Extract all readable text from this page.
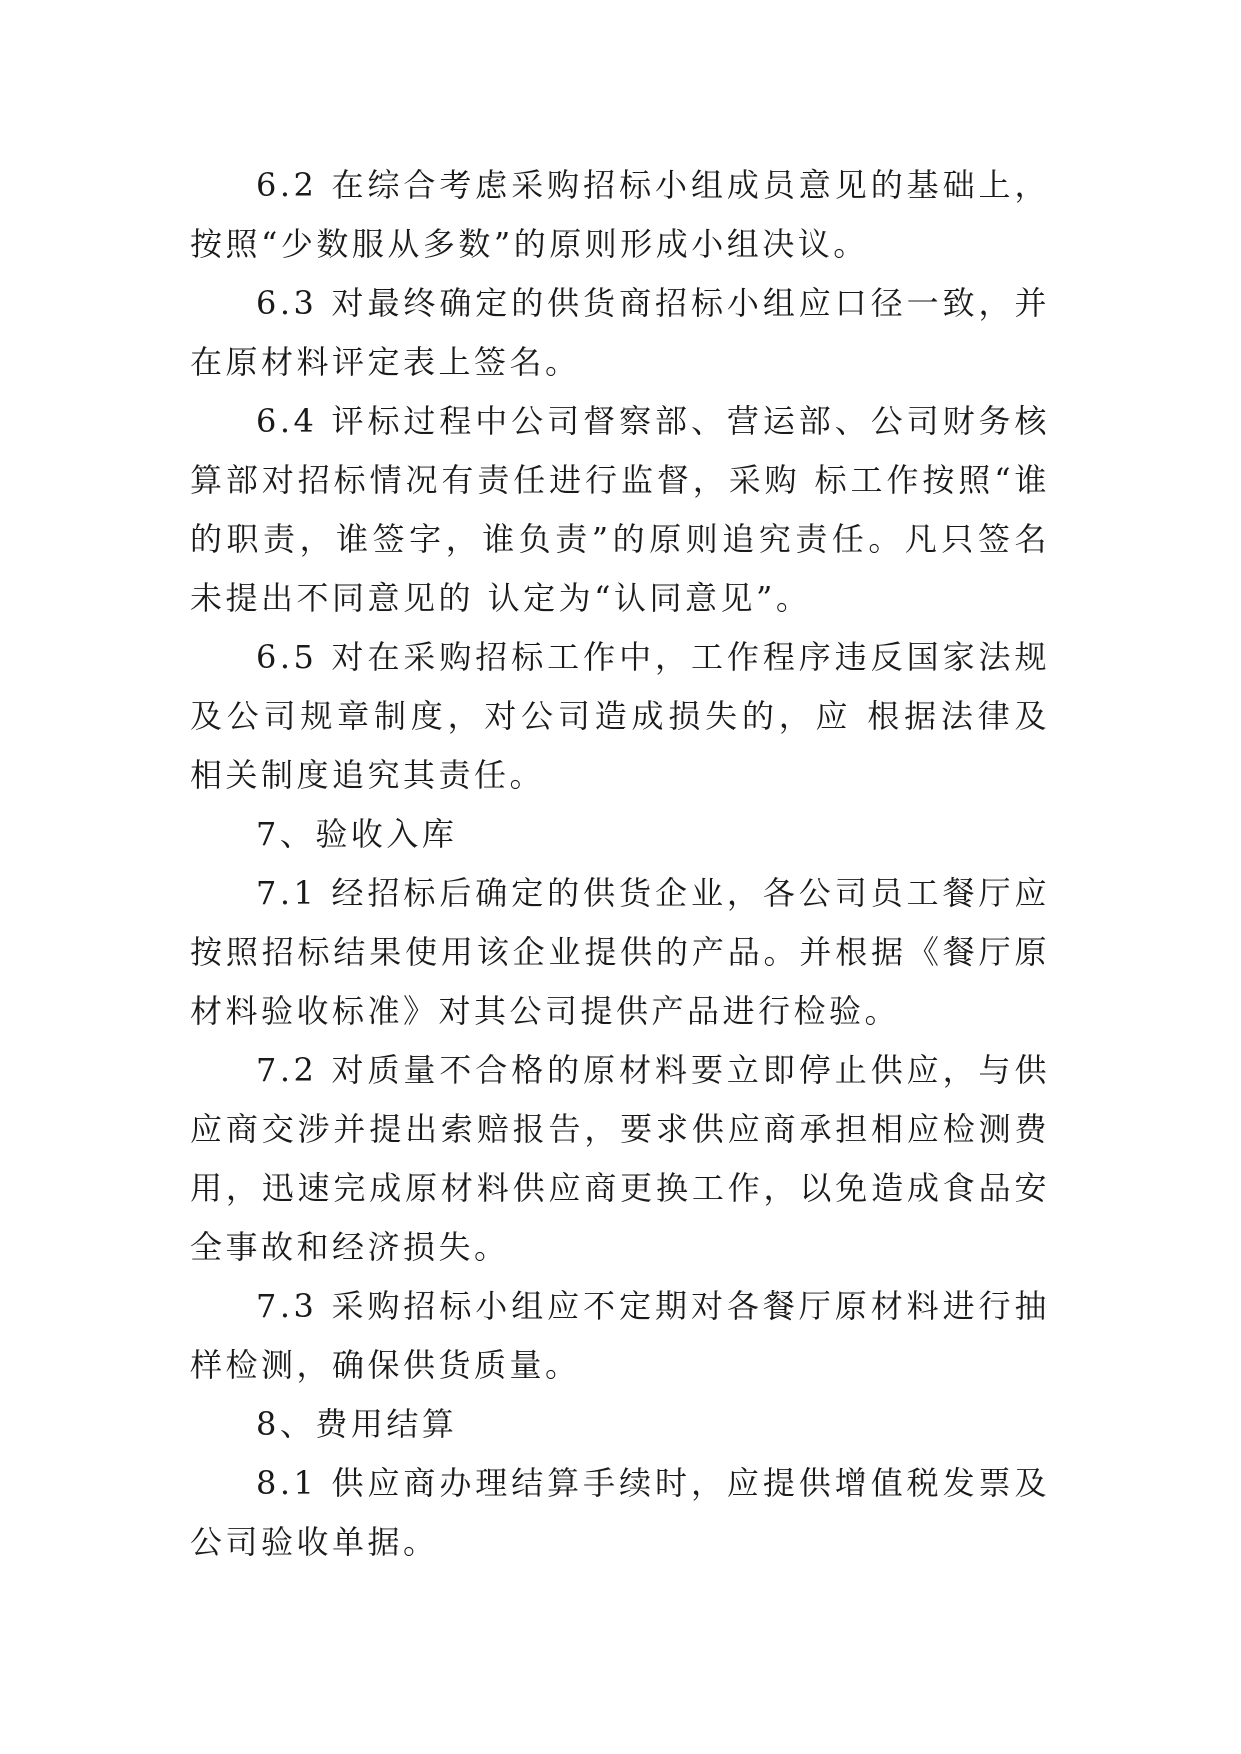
6.2 在综合考虑采购招标小组成员意见的基础上，按照“少数服从多数”的原则形成小组决议。

6.3 对最终确定的供货商招标小组应口径一致，并在原材料评定表上签名。

6.4 评标过程中公司督察部、营运部、公司财务核算部对招标情况有责任进行监督，采购 标工作按照“谁的职责，谁签字，谁负责”的原则追究责任。凡只签名未提出不同意见的 认定为“认同意见”。

6.5 对在采购招标工作中，工作程序违反国家法规及公司规章制度，对公司造成损失的，应 根据法律及相关制度追究其责任。

7、验收入库

7.1 经招标后确定的供货企业，各公司员工餐厅应按照招标结果使用该企业提供的产品。并根据《餐厅原材料验收标准》对其公司提供产品进行检验。

7.2 对质量不合格的原材料要立即停止供应，与供应商交涉并提出索赔报告，要求供应商承担相应检测费用，迅速完成原材料供应商更换工作，以免造成食品安全事故和经济损失。

7.3 采购招标小组应不定期对各餐厅原材料进行抽样检测，确保供货质量。

8、费用结算

8.1 供应商办理结算手续时，应提供增值税发票及公司验收单据。
